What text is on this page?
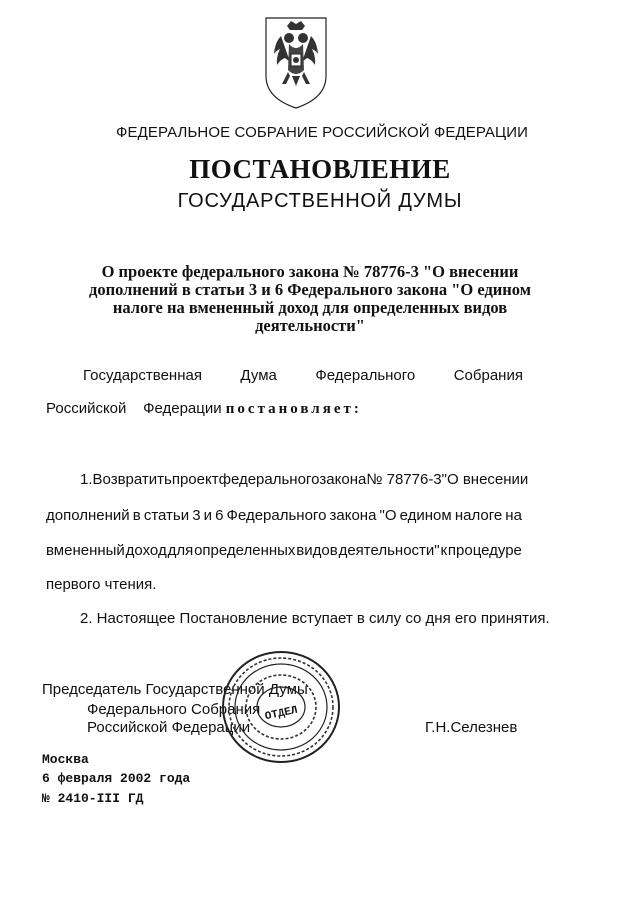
ФЕДЕРАЛЬНОЕ СОБРАНИЕ РОССИЙСКОЙ ФЕДЕРАЦИИ
ПОСТАНОВЛЕНИЕ
ГОСУДАРСТВЕННОЙ ДУМЫ
О проекте федерального закона № 78776-3 "О внесении
дополнений в статьи 3 и 6 Федерального закона "О едином
налоге на вмененный доход для определенных видов
деятельности"
Государственная	Дума	Федерального	Собрания
Российской    Федерации постановляет:
1. Возвратить проект федерального закона № 78776-3 "О внесении
дополнений в статьи 3 и 6 Федерального закона "О едином налоге на
вмененный доход для определенных видов деятельности" к процедуре
первого чтения.
2. Настоящее Постановление вступает в силу со дня его принятия.
Председатель Государственной Думы
Федерального Собрания
Российской Федерации	Г.Н.Селезнев
ОТДЕЛ
Москва
6 февраля 2002 года
№ 2410-III ГД
